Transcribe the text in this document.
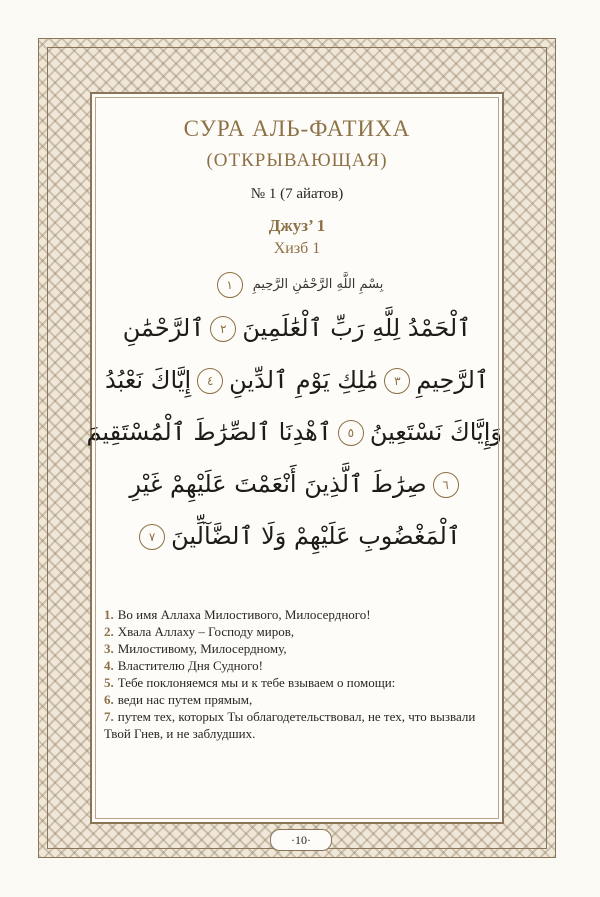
СУРА АЛЬ-ФАТИХА
(ОТКРЫВАЮЩАЯ)
№ 1 (7 айатов)
Джуз’ 1
Хизб 1
بِسْمِ اللَّهِ الرَّحْمَٰنِ الرَّحِيمِ ١
ٱلْحَمْدُ لِلَّهِ رَبِّ ٱلْعَٰلَمِينَ٢ٱلرَّحْمَٰنِ
ٱلرَّحِيمِ٣مَٰلِكِ يَوْمِ ٱلدِّينِ٤إِيَّاكَ نَعْبُدُ
وَإِيَّاكَ نَسْتَعِينُ٥ٱهْدِنَا ٱلصِّرَٰطَ ٱلْمُسْتَقِيمَ
٦صِرَٰطَ ٱلَّذِينَ أَنْعَمْتَ عَلَيْهِمْ غَيْرِ
ٱلْمَغْضُوبِ عَلَيْهِمْ وَلَا ٱلضَّآلِّينَ٧
1. Во имя Аллаха Милостивого, Милосердного!
2. Хвала Аллаху – Господу миров,
3. Милостивому, Милосердному,
4. Властителю Дня Судного!
5. Тебе поклоняемся мы и к тебе взываем о помощи:
6. веди нас путем прямым,
7. путем тех, которых Ты облагодетельствовал, не тех, что вызвали Твой Гнев, и не заблудших.
·10·
